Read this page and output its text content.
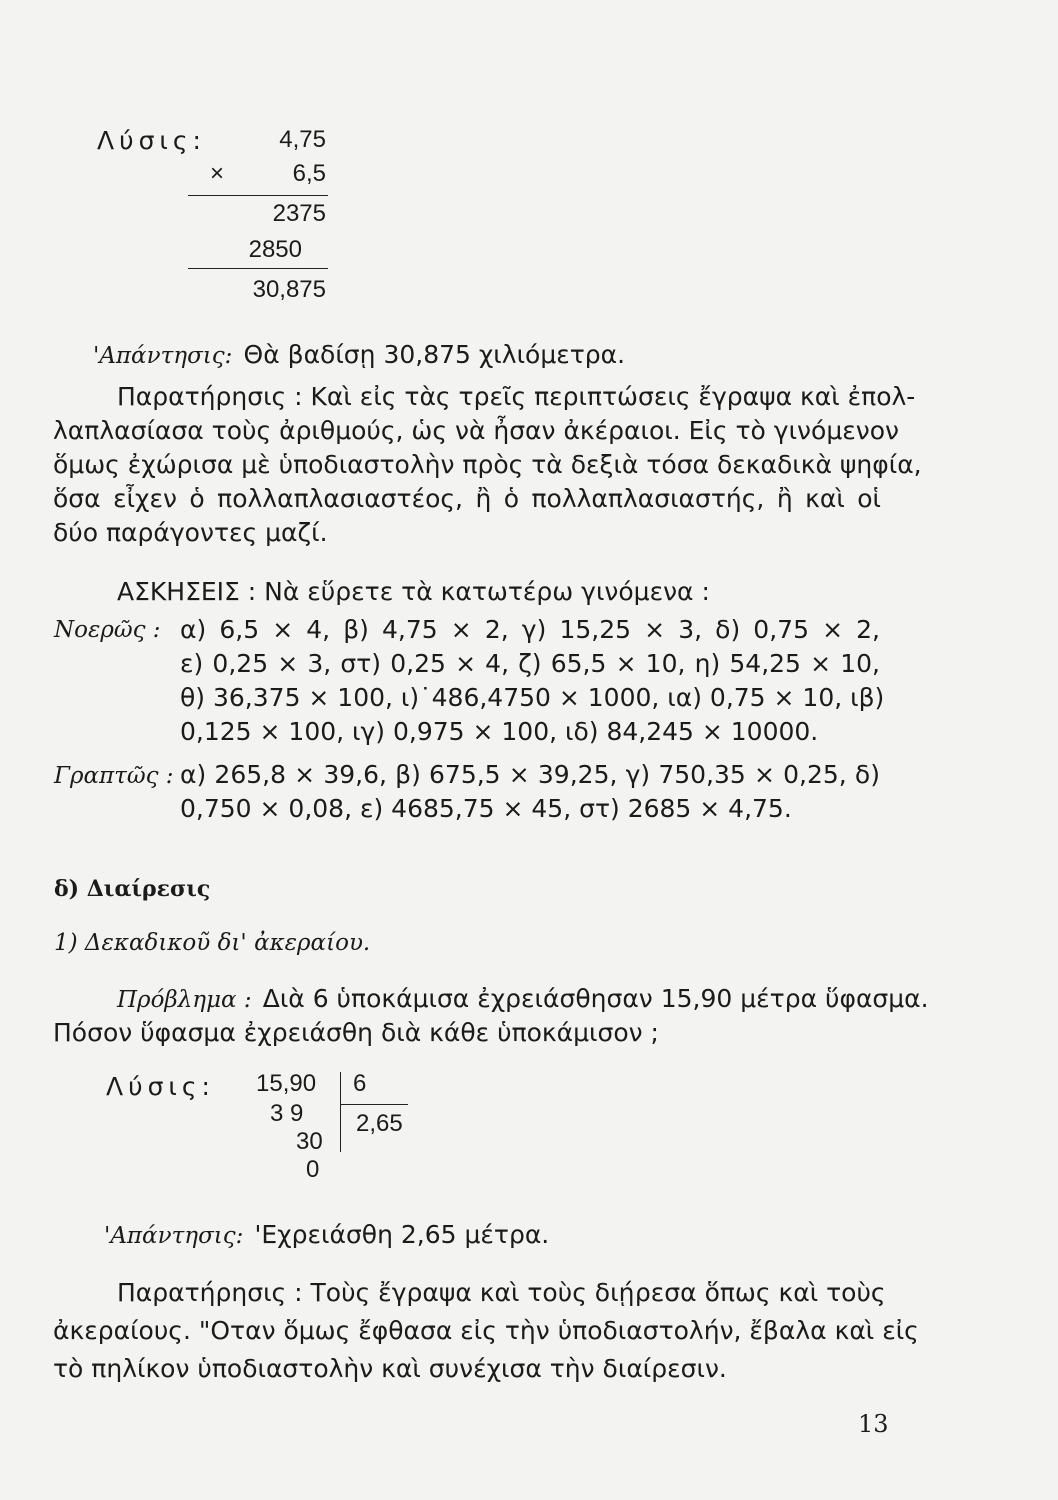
Λύσις:	4,75
×	6,5
2375
2850
30,875
'Απάντησις: Θὰ βαδίσῃ 30,875 χιλιόμετρα.
Παρατήρησις : Καὶ εἰς τὰς τρεῖς περιπτώσεις ἔγραψα καὶ ἐπολ-
λαπλασίασα τοὺς ἀριθμούς, ὡς νὰ ἦσαν ἀκέραιοι. Εἰς τὸ γινόμενον
ὅμως ἐχώρισα μὲ ὑποδιαστολὴν πρὸς τὰ δεξιὰ τόσα δεκαδικὰ ψηφία,
ὅσα εἶχεν ὁ πολλαπλασιαστέος, ἢ ὁ πολλαπλασιαστής, ἢ καὶ οἱ
δύο παράγοντες μαζί.
ΑΣΚΗΣΕΙΣ : Νὰ εὕρετε τὰ κατωτέρω γινόμενα :
Νοερῶς : α) 6,5 × 4, β) 4,75 × 2, γ) 15,25 × 3, δ) 0,75 × 2,
ε) 0,25 × 3, στ) 0,25 × 4, ζ) 65,5 × 10, η) 54,25 × 10,
θ) 36,375 × 100, ι)˙486,4750 × 1000, ια) 0,75 × 10, ιβ)
0,125 × 100, ιγ) 0,975 × 100, ιδ) 84,245 × 10000.
Γραπτῶς : α) 265,8 × 39,6, β) 675,5 × 39,25, γ) 750,35 × 0,25, δ)
0,750 × 0,08, ε) 4685,75 × 45, στ) 2685 × 4,75.
δ) Διαίρεσις
1) Δεκαδικοῦ δι' ἀκεραίου.
Πρόβλημα : Διὰ 6 ὑποκάμισα ἐχρειάσθησαν 15,90 μέτρα ὕφασμα.
Πόσον ὕφασμα ἐχρειάσθη διὰ κάθε ὑποκάμισον ;
Λύσις: 15,90 6
3 9 2,65
30
0
'Απάντησις: 'Εχρειάσθη 2,65 μέτρα.
Παρατήρησις : Τοὺς ἔγραψα καὶ τοὺς διῄρεσα ὅπως καὶ τοὺς
ἀκεραίους. "Οταν ὅμως ἔφθασα εἰς τὴν ὑποδιαστολήν, ἔβαλα καὶ εἰς
τὸ πηλίκον ὑποδιαστολὴν καὶ συνέχισα τὴν διαίρεσιν.
13
